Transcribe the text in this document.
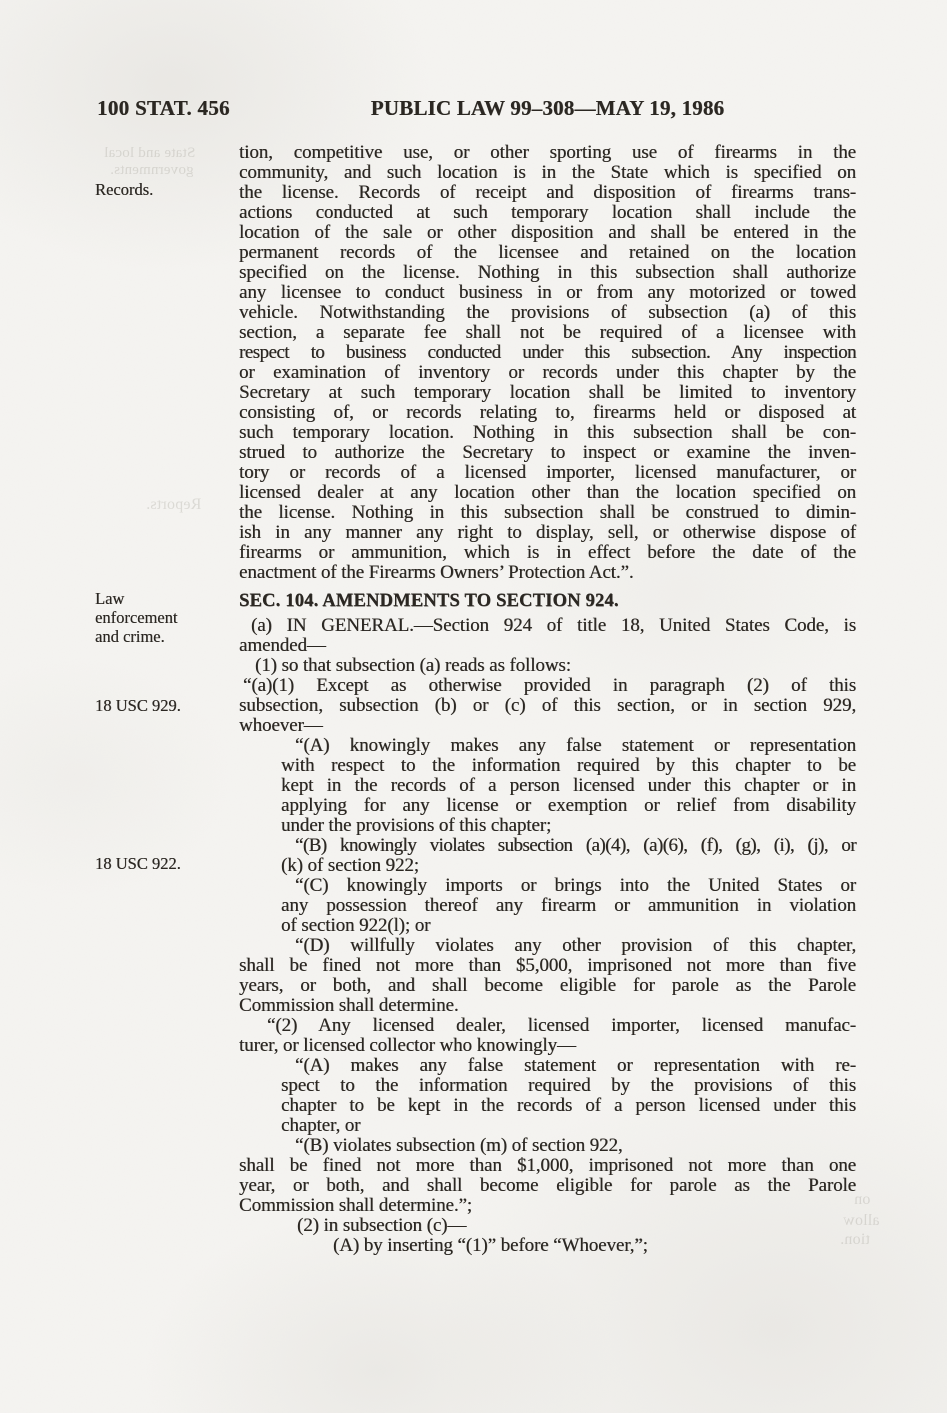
100 STAT. 456	PUBLIC LAW 99–308—MAY 19, 1986
Records.
Law
enforcement
and crime.
18 USC 929.
18 USC 922.
tion, competitive use, or other sporting use of firearms in the
community, and such location is in the State which is specified on
the license. Records of receipt and disposition of firearms trans-
actions conducted at such temporary location shall include the
location of the sale or other disposition and shall be entered in the
permanent records of the licensee and retained on the location
specified on the license. Nothing in this subsection shall authorize
any licensee to conduct business in or from any motorized or towed
vehicle. Notwithstanding the provisions of subsection (a) of this
section, a separate fee shall not be required of a licensee with
respect to business conducted under this subsection. Any inspection
or examination of inventory or records under this chapter by the
Secretary at such temporary location shall be limited to inventory
consisting of, or records relating to, firearms held or disposed at
such temporary location. Nothing in this subsection shall be con-
strued to authorize the Secretary to inspect or examine the inven-
tory or records of a licensed importer, licensed manufacturer, or
licensed dealer at any location other than the location specified on
the license. Nothing in this subsection shall be construed to dimin-
ish in any manner any right to display, sell, or otherwise dispose of
firearms or ammunition, which is in effect before the date of the
enactment of the Firearms Owners’ Protection Act.”.
SEC. 104. AMENDMENTS TO SECTION 924.
(a) IN GENERAL.—Section 924 of title 18, United States Code, is
amended—
(1) so that subsection (a) reads as follows:
“(a)(1) Except as otherwise provided in paragraph (2) of this
subsection, subsection (b) or (c) of this section, or in section 929,
whoever—
“(A) knowingly makes any false statement or representation
with respect to the information required by this chapter to be
kept in the records of a person licensed under this chapter or in
applying for any license or exemption or relief from disability
under the provisions of this chapter;
“(B) knowingly violates subsection (a)(4), (a)(6), (f), (g), (i), (j), or
(k) of section 922;
“(C) knowingly imports or brings into the United States or
any possession thereof any firearm or ammunition in violation
of section 922(l); or
“(D) willfully violates any other provision of this chapter,
shall be fined not more than $5,000, imprisoned not more than five
years, or both, and shall become eligible for parole as the Parole
Commission shall determine.
“(2) Any licensed dealer, licensed importer, licensed manufac-
turer, or licensed collector who knowingly—
“(A) makes any false statement or representation with re-
spect to the information required by the provisions of this
chapter to be kept in the records of a person licensed under this
chapter, or
“(B) violates subsection (m) of section 922,
shall be fined not more than $1,000, imprisoned not more than one
year, or both, and shall become eligible for parole as the Parole
Commission shall determine.”;
(2) in subsection (c)—
(A) by inserting “(1)” before “Whoever,”;
State and local
governments.
Reports.
on
allow
tion.
